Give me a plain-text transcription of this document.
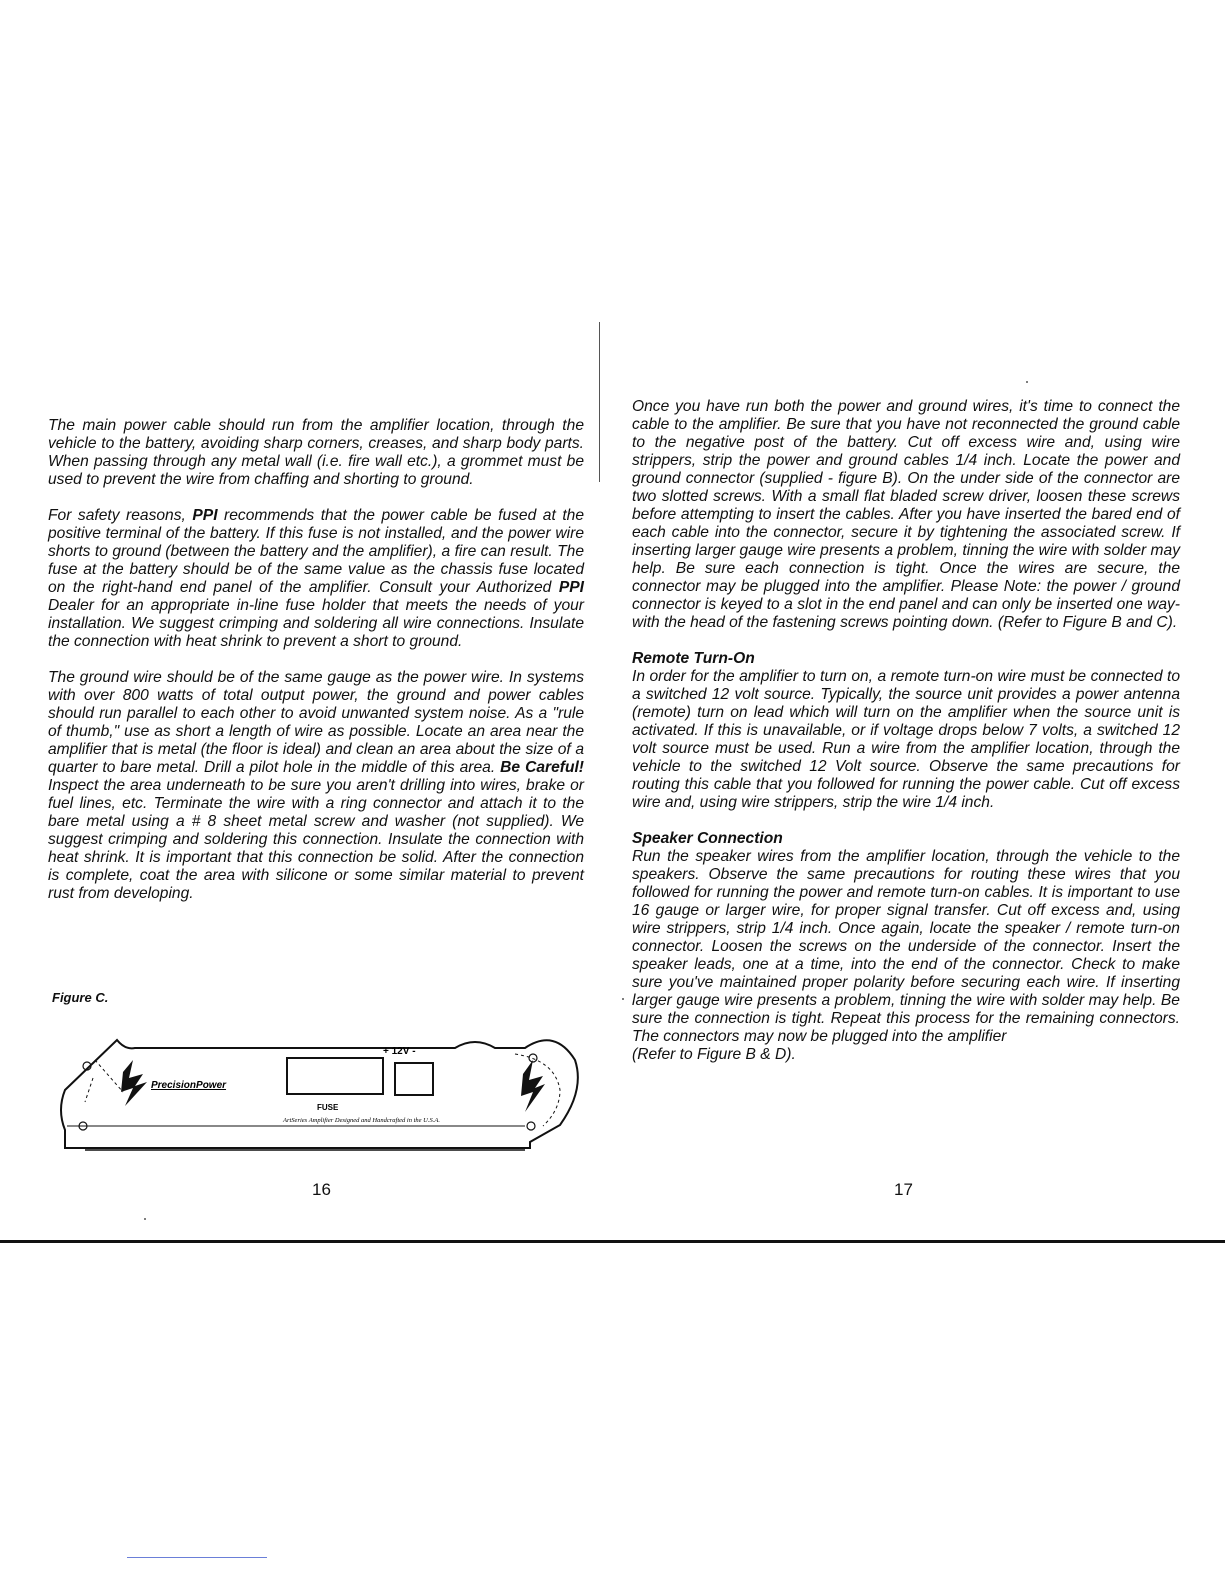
The main power cable should run from the amplifier location, through the vehicle to the battery, avoiding sharp corners, creases, and sharp body parts. When passing through any metal wall (i.e. fire wall etc.), a grommet must be used to prevent the wire from chaffing and shorting to ground.

For safety reasons, PPI recommends that the power cable be fused at the positive terminal of the battery. If this fuse is not installed, and the power wire shorts to ground (between the battery and the amplifier), a fire can result. The fuse at the battery should be of the same value as the chassis fuse located on the right-hand end panel of the amplifier. Consult your Authorized PPI Dealer for an appropriate in-line fuse holder that meets the needs of your installation. We suggest crimping and soldering all wire connections. Insulate the connection with heat shrink to prevent a short to ground.

The ground wire should be of the same gauge as the power wire. In systems with over 800 watts of total output power, the ground and power cables should run parallel to each other to avoid unwanted system noise. As a "rule of thumb," use as short a length of wire as possible. Locate an area near the amplifier that is metal (the floor is ideal) and clean an area about the size of a quarter to bare metal. Drill a pilot hole in the middle of this area. Be Careful! Inspect the area underneath to be sure you aren't drilling into wires, brake or fuel lines, etc. Terminate the wire with a ring connector and attach it to the bare metal using a # 8 sheet metal screw and washer (not supplied). We suggest crimping and soldering this connection. Insulate the connection with heat shrink. It is important that this connection be solid. After the connection is complete, coat the area with silicone or some similar material to prevent rust from developing.

Figure C.
PrecisionPower
FUSE
+ 12V -
ArtSeries Amplifier Designed and Handcrafted in the U.S.A.
16

Once you have run both the power and ground wires, it's time to connect the cable to the amplifier. Be sure that you have not reconnected the ground cable to the negative post of the battery. Cut off excess wire and, using wire strippers, strip the power and ground cables 1/4 inch. Locate the power and ground connector (supplied - figure B). On the under side of the connector are two slotted screws. With a small flat bladed screw driver, loosen these screws before attempting to insert the cables. After you have inserted the bared end of each cable into the connector, secure it by tightening the associated screw. If inserting larger gauge wire presents a problem, tinning the wire with solder may help. Be sure each connection is tight. Once the wires are secure, the connector may be plugged into the amplifier. Please Note: the power / ground connector is keyed to a slot in the end panel and can only be inserted one way- with the head of the fastening screws pointing down. (Refer to Figure B and C).

Remote Turn-On

In order for the amplifier to turn on, a remote turn-on wire must be connected to a switched 12 volt source. Typically, the source unit provides a power antenna (remote) turn on lead which will turn on the amplifier when the source unit is activated. If this is unavailable, or if voltage drops below 7 volts, a switched 12 volt source must be used. Run a wire from the amplifier location, through the vehicle to the switched 12 Volt source. Observe the same precautions for routing this cable that you followed for running the power cable. Cut off excess wire and, using wire strippers, strip the wire 1/4 inch.

Speaker Connection

Run the speaker wires from the amplifier location, through the vehicle to the speakers. Observe the same precautions for routing these wires that you followed for running the power and remote turn-on cables. It is important to use 16 gauge or larger wire, for proper signal transfer. Cut off excess and, using wire strippers, strip 1/4 inch. Once again, locate the speaker / remote turn-on connector. Loosen the screws on the underside of the connector. Insert the speaker leads, one at a time, into the end of the connector. Check to make sure you've maintained proper polarity before securing each wire. If inserting larger gauge wire presents a problem, tinning the wire with solder may help. Be sure the connection is tight. Repeat this process for the remaining connectors. The connectors may now be plugged into the amplifier

(Refer to Figure B & D).
17
